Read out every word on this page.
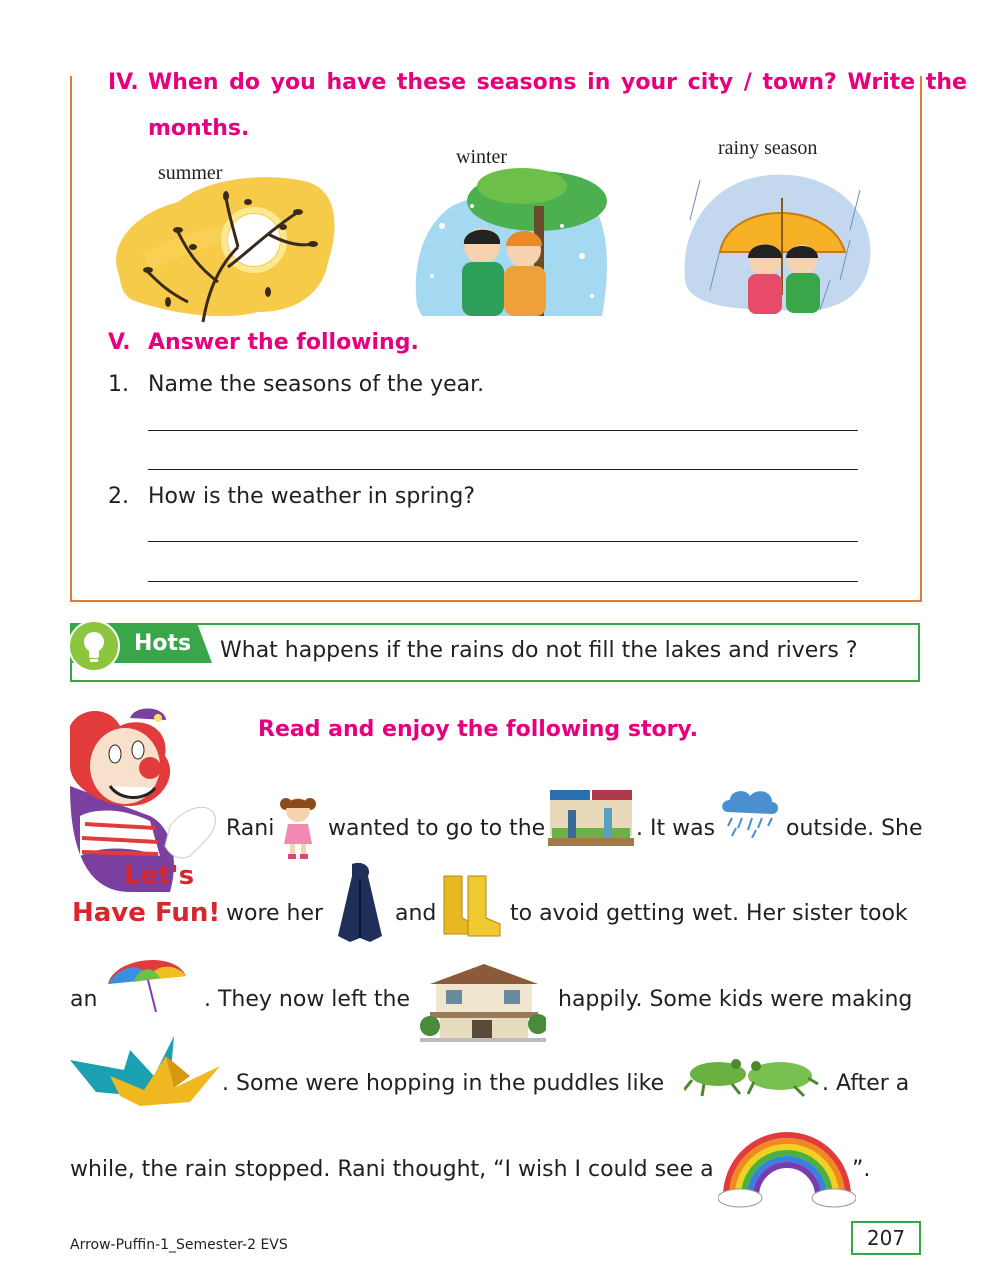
IV. When do you have these seasons in your city / town? Write the
months.
summer
winter	rainy season
V. Answer the following.
1. Name the seasons of the year.
2. How is the weather in spring?
Hots What happens if the rains do not fill the lakes and rivers ?
Read and enjoy the following story.
Let's
Have Fun!
Rani wanted to go to the	. It was	outside. She
wore her	and	to avoid getting wet. Her sister took
an	. They now left the	happily. Some kids were making
. Some were hopping in the puddles like	. After a
while, the rain stopped. Rani thought, “I wish I could see a	”.
Arrow-Puffin-1_Semester-2 EVS	207
